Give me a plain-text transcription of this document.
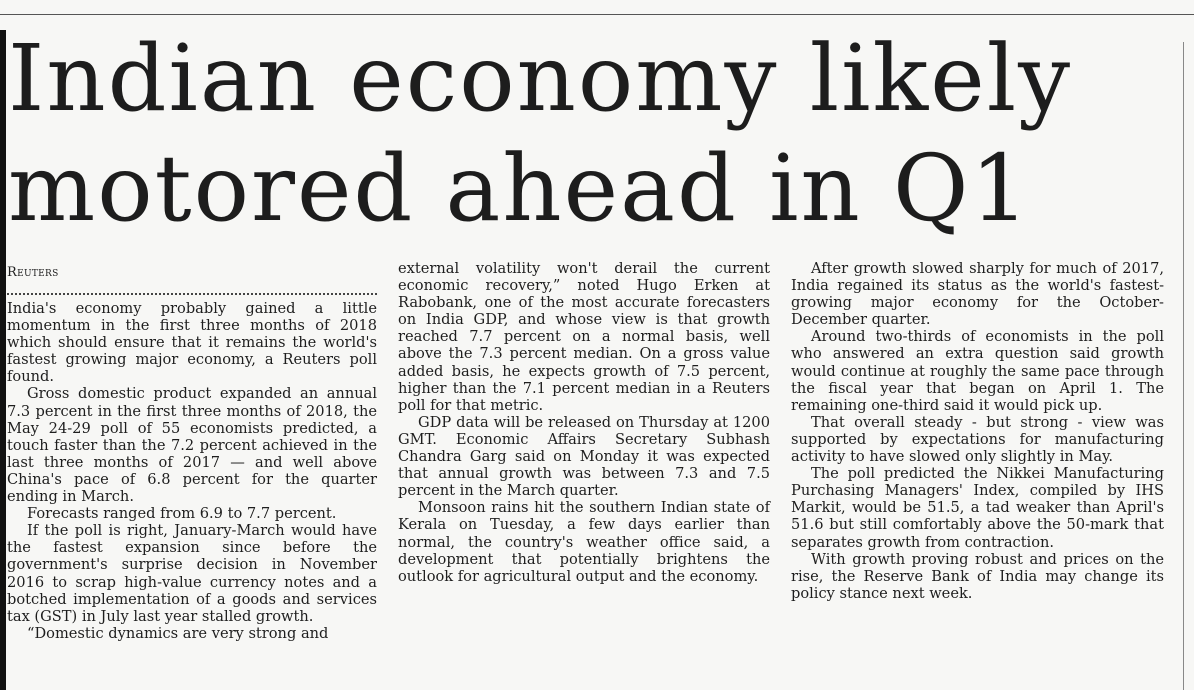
Indian economy likely
motored ahead in Q1
Reuters

India's economy probably gained a little momentum in the first three months of 2018 which should ensure that it remains the world's fastest growing major economy, a Reuters poll found.

Gross domestic product expanded an annual 7.3 percent in the first three months of 2018, the May 24-29 poll of 55 economists predicted, a touch faster than the 7.2 percent achieved in the last three months of 2017 — and well above China's pace of 6.8 percent for the quarter ending in March.

Forecasts ranged from 6.9 to 7.7 percent.

If the poll is right, January-March would have the fastest expansion since before the government's surprise decision in November 2016 to scrap high-value currency notes and a botched implementation of a goods and services tax (GST) in July last year stalled growth.

“Domestic dynamics are very strong and

external volatility won't derail the current economic recovery,” noted Hugo Erken at Rabobank, one of the most accurate forecasters on India GDP, and whose view is that growth reached 7.7 percent on a normal basis, well above the 7.3 percent median. On a gross value added basis, he expects growth of 7.5 percent, higher than the 7.1 percent median in a Reuters poll for that metric.

GDP data will be released on Thursday at 1200 GMT. Economic Affairs Secretary Subhash Chandra Garg said on Monday it was expected that annual growth was between 7.3 and 7.5 percent in the March quarter.

Monsoon rains hit the southern Indian state of Kerala on Tuesday, a few days earlier than normal, the country's weather office said, a development that potentially brightens the outlook for agricultural output and the economy.

After growth slowed sharply for much of 2017, India regained its status as the world's fastest-growing major economy for the October-December quarter.

Around two-thirds of economists in the poll who answered an extra question said growth would continue at roughly the same pace through the fiscal year that began on April 1. The remaining one-third said it would pick up.

That overall steady - but strong - view was supported by expectations for manufacturing activity to have slowed only slightly in May.

The poll predicted the Nikkei Manufacturing Purchasing Managers' Index, compiled by IHS Markit, would be 51.5, a tad weaker than April's 51.6 but still comfortably above the 50-mark that separates growth from contraction.

With growth proving robust and prices on the rise, the Reserve Bank of India may change its policy stance next week.
